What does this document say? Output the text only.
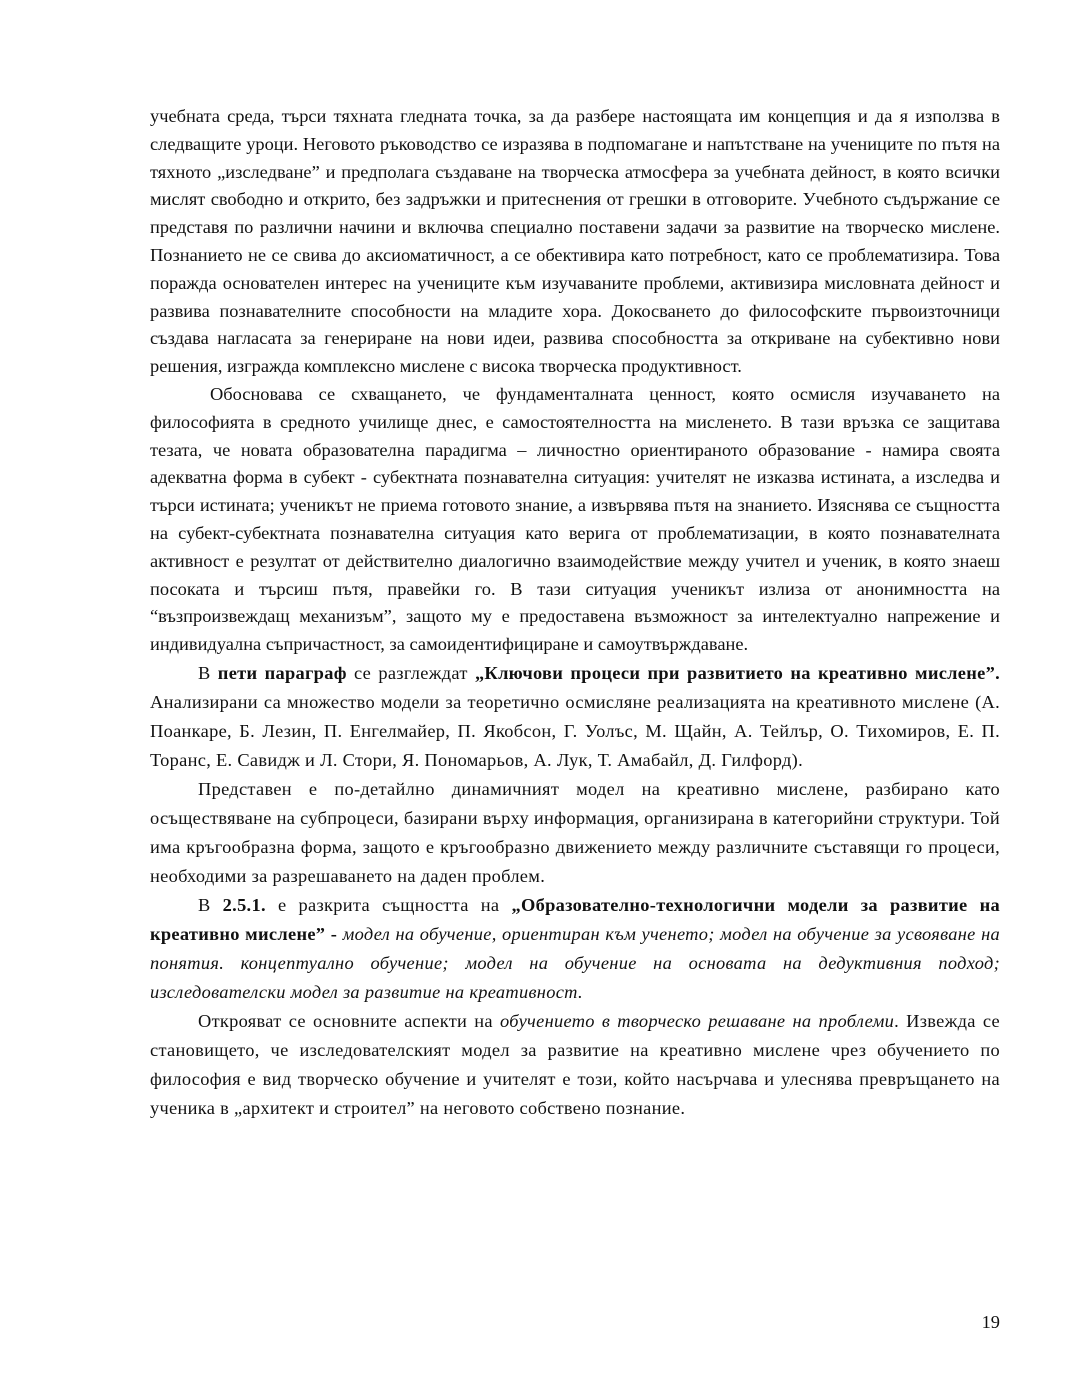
учебната среда, търси тяхната гледната точка, за да разбере настоящата им концепция и да я използва в следващите уроци. Неговото ръководство се изразява в подпомагане и напътстване на учениците по пътя на тяхното „изследване” и предполага създаване на творческа атмосфера за учебната дейност, в която всички мислят свободно и открито, без задръжки и притеснения от грешки в отговорите. Учебното съдържание се представя по различни начини и включва специално поставени задачи за развитие на творческо мислене. Познанието не се свива до аксиоматичност, а се обективира като потребност, като се проблематизира. Това поражда основателен интерес на учениците към изучаваните проблеми, активизира мисловната дейност и развива познавателните способности на младите хора. Докосването до философските първоизточници създава нагласата за генериране на нови идеи, развива способността за откриване на субективно нови решения, изгражда комплексно мислене с висока творческа продуктивност.

Обосновава се схващането, че фундаменталната ценност, която осмисля изучаването на философията в средното училище днес, е самостоятелността на мисленето. В тази връзка се защитава тезата, че новата образователна парадигма – личностно ориентираното образование - намира своята адекватна форма в субект - субектната познавателна ситуация: учителят не изказва истината, а изследва и търси истината; ученикът не приема готовото знание, а извървява пътя на знанието. Изяснява се същността на субект-субектната познавателна ситуация като верига от проблематизации, в която познавателната активност е резултат от действително диалогично взаимодействие между учител и ученик, в която знаеш посоката и търсиш пътя, правейки го. В тази ситуация ученикът излиза от анонимността на “възпроизвеждащ механизъм”, защото му е предоставена възможност за интелектуално напрежение и индивидуална съпричастност, за самоидентифициране и самоутвърждаване.

В пети параграф се разглеждат „Ключови процеси при развитието на креативно мислене”. Анализирани са множество модели за теоретично осмисляне реализацията на креативното мислене (А. Поанкаре, Б. Лезин, П. Енгелмайер, П. Якобсон, Г. Уолъс, М. Щайн, А. Тейлър, О. Тихомиров, Е. П. Торанс, Е. Савидж и Л. Стори, Я. Пономарьов, А. Лук, Т. Амабайл, Д. Гилфорд).

Представен е по-детайлно динамичният модел на креативно мислене, разбирано като осъществяване на субпроцеси, базирани върху информация, организирана в категорийни структури. Той има кръгообразна форма, защото е кръгообразно движението между различните съставящи го процеси, необходими за разрешаването на даден проблем.

В 2.5.1. е разкрита същността на „Образователно-технологични модели за развитие на креативно мислене” - модел на обучение, ориентиран към ученето; модел на обучение за усвояване на понятия. концептуално обучение; модел на обучение на основата на дедуктивния подход; изследователски модел за развитие на креативност.

Открояват се основните аспекти на обучението в творческо решаване на проблеми. Извежда се становището, че изследователският модел за развитие на креативно мислене чрез обучението по философия е вид творческо обучение и учителят е този, който насърчава и улеснява превръщането на ученика в „архитект и строител” на неговото собствено познание.

19
